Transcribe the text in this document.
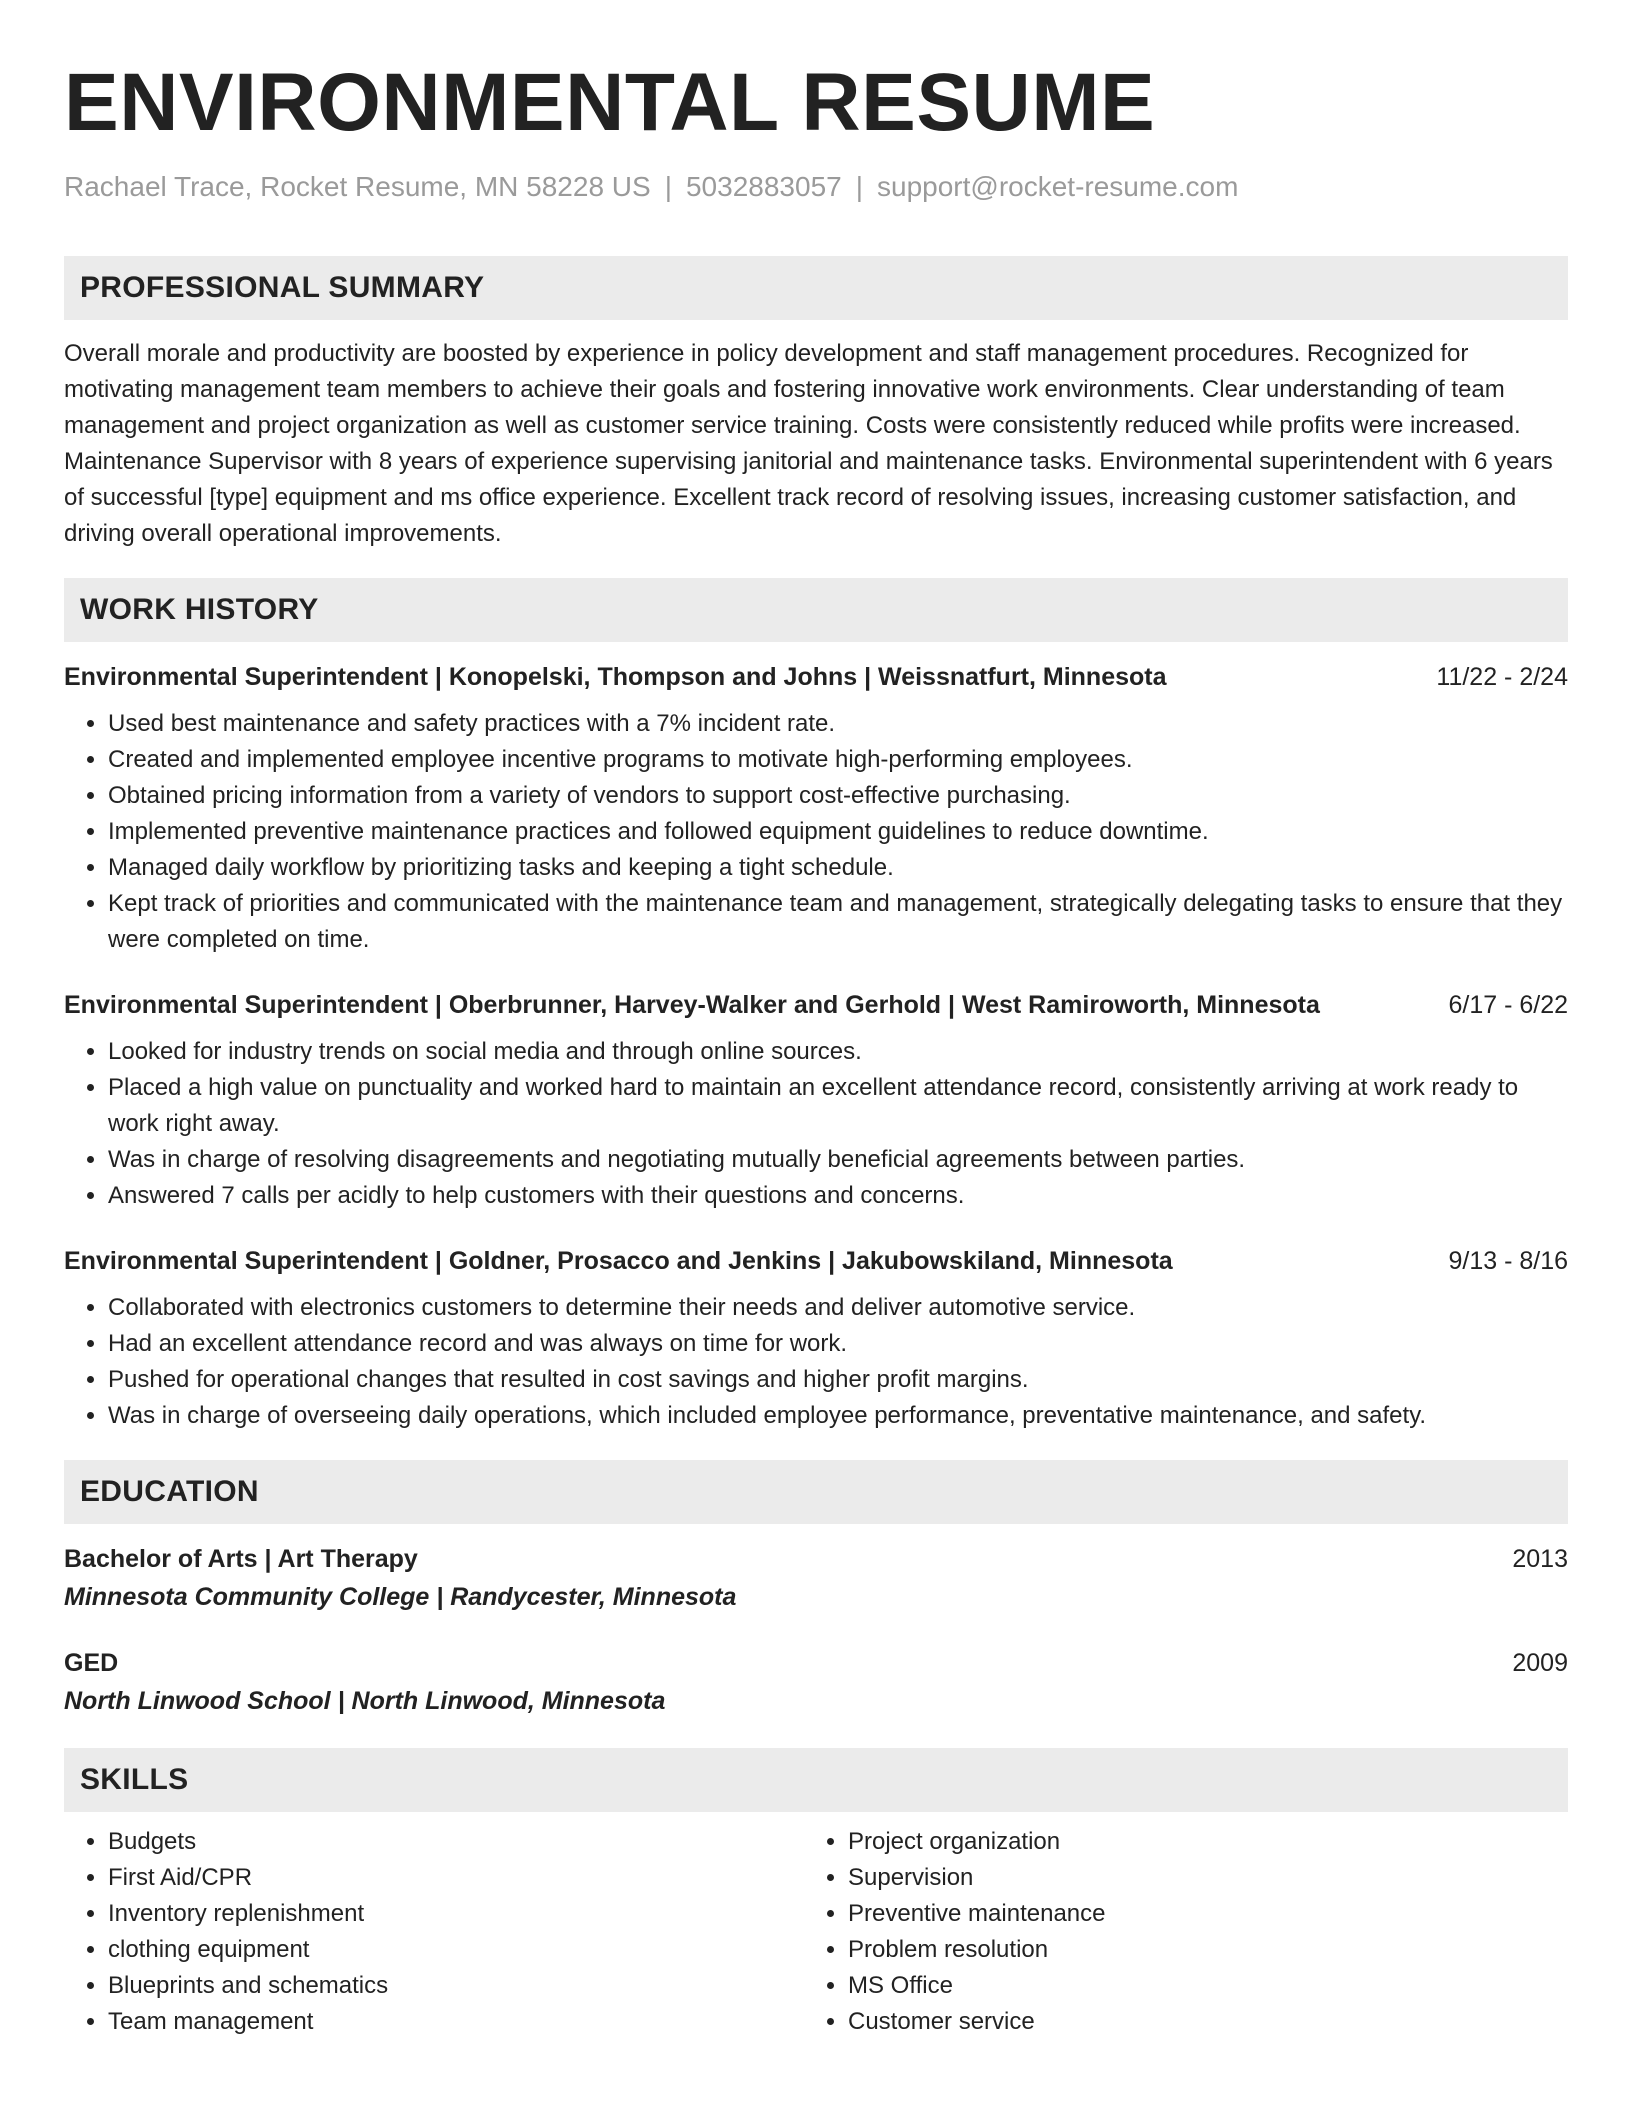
ENVIRONMENTAL RESUME
Rachael Trace, Rocket Resume, MN 58228 US | 5032883057 | support@rocket-resume.com
PROFESSIONAL SUMMARY

Overall morale and productivity are boosted by experience in policy development and staff management procedures. Recognized for motivating management team members to achieve their goals and fostering innovative work environments. Clear understanding of team management and project organization as well as customer service training. Costs were consistently reduced while profits were increased. Maintenance Supervisor with 8 years of experience supervising janitorial and maintenance tasks. Environmental superintendent with 6 years of successful [type] equipment and ms office experience. Excellent track record of resolving issues, increasing customer satisfaction, and driving overall operational improvements.

WORK HISTORY
Environmental Superintendent | Konopelski, Thompson and Johns | Weissnatfurt, Minnesota	11/22 - 2/24
• Used best maintenance and safety practices with a 7% incident rate.
• Created and implemented employee incentive programs to motivate high-performing employees.
• Obtained pricing information from a variety of vendors to support cost-effective purchasing.
• Implemented preventive maintenance practices and followed equipment guidelines to reduce downtime.
• Managed daily workflow by prioritizing tasks and keeping a tight schedule.
• Kept track of priorities and communicated with the maintenance team and management, strategically delegating tasks to ensure that they were completed on time.
Environmental Superintendent | Oberbrunner, Harvey-Walker and Gerhold | West Ramiroworth, Minnesota	6/17 - 6/22
• Looked for industry trends on social media and through online sources.
• Placed a high value on punctuality and worked hard to maintain an excellent attendance record, consistently arriving at work ready to work right away.
• Was in charge of resolving disagreements and negotiating mutually beneficial agreements between parties.
• Answered 7 calls per acidly to help customers with their questions and concerns.
Environmental Superintendent | Goldner, Prosacco and Jenkins | Jakubowskiland, Minnesota	9/13 - 8/16
• Collaborated with electronics customers to determine their needs and deliver automotive service.
• Had an excellent attendance record and was always on time for work.
• Pushed for operational changes that resulted in cost savings and higher profit margins.
• Was in charge of overseeing daily operations, which included employee performance, preventative maintenance, and safety.
EDUCATION
Bachelor of Arts | Art Therapy	2013
Minnesota Community College | Randycester, Minnesota
GED	2009
North Linwood School | North Linwood, Minnesota
SKILLS
• Budgets
• First Aid/CPR
• Inventory replenishment
• clothing equipment
• Blueprints and schematics
• Team management
• Project organization
• Supervision
• Preventive maintenance
• Problem resolution
• MS Office
• Customer service
